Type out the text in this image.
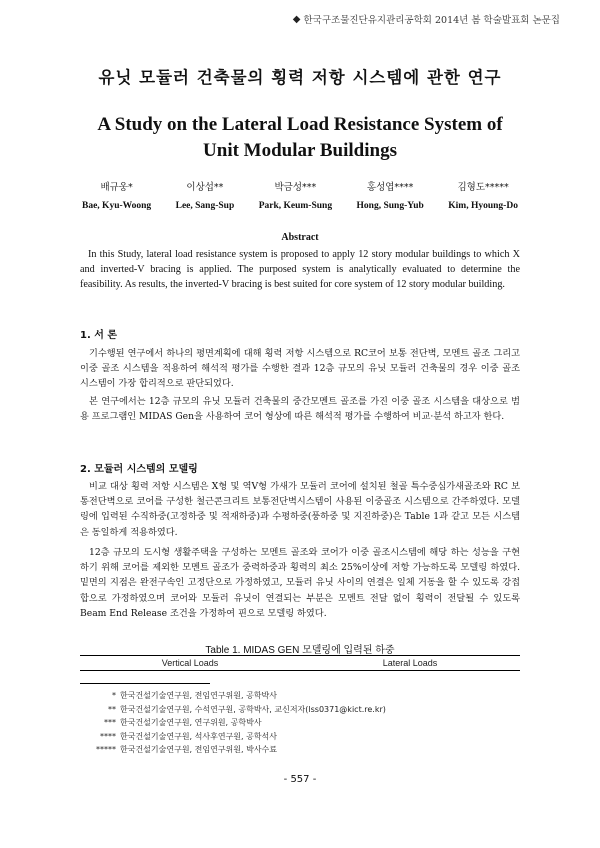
◆ 한국구조물진단유지관리공학회 2014년 봄 학술발표회 논문집
유닛 모듈러 건축물의 횡력 저항 시스템에 관한 연구
A Study on the Lateral Load Resistance System of
Unit Modular Buildings
배규웅*
Bae, Kyu-Woong
이상섭**
Lee, Sang-Sup
박금성***
Park, Keum-Sung
홍성엽****
Hong, Sung-Yub
김형도*****
Kim, Hyoung-Do
Abstract
In this Study, lateral load resistance system is proposed to apply 12 story modular buildings to which X and inverted-V bracing is applied. The purposed system is analytically evaluated to determine the feasibility. As results, the inverted-V bracing is best suited for core system of 12 story modular building.
1. 서 론
기수행된 연구에서 하나의 평면계획에 대해 횡력 저항 시스템으로 RC코어 보통 전단벽, 모멘트 골조 그리고 이중 골조 시스템을 적용하여 해석적 평가를 수행한 결과 12층 규모의 유닛 모듈러 건축물의 경우 이중 골조 시스템이 가장 합리적으로 판단되었다.
본 연구에서는 12층 규모의 유닛 모듈러 건축물의 중간모멘트 골조를 가진 이중 골조 시스템을 대상으로 범용 프로그램인 MIDAS Gen을 사용하여 코어 형상에 따른 해석적 평가를 수행하여 비교·분석 하고자 한다.
2. 모듈러 시스템의 모델링
비교 대상 횡력 저항 시스템은 X형 및 역V형 가새가 모듈러 코어에 설치된 철골 특수중심가새골조와 RC 보통전단벽으로 코어를 구성한 철근콘크리트 보통전단벽시스템이 사용된 이중골조 시스템으로 간주하였다. 모델링에 입력된 수직하중(고정하중 및 적재하중)과 수평하중(풍하중 및 지진하중)은 Table 1과 같고 모든 시스템은 동일하게 적용하였다.
12층 규모의 도시형 생활주택을 구성하는 모멘트 골조와 코어가 이중 골조시스템에 해당 하는 성능을 구현하기 위해 코어를 제외한 모멘트 골조가 중력하중과 횡력의 최소 25%이상에 저항 가능하도록 모델링 하였다. 밑면의 지점은 완전구속인 고정단으로 가정하였고, 모듈러 유닛 사이의 연결은 일체 거동을 할 수 있도록 강접합으로 가정하였으며 코어와 모듈러 유닛이 연결되는 부분은 모멘트 전달 없이 횡력이 전달될 수 있도록 Beam End Release 조건을 가정하여 핀으로 모델링 하였다.
Table 1. MIDAS GEN 모델링에 입력된 하중
Vertical Loads	Lateral Loads
* 한국건설기술연구원, 전임연구위원, 공학박사
** 한국건설기술연구원, 수석연구원, 공학박사, 교신저자(lss0371@kict.re.kr)
*** 한국건설기술연구원, 연구위원, 공학박사
**** 한국건설기술연구원, 석사후연구원, 공학석사
***** 한국건설기술연구원, 전임연구위원, 박사수료
- 557 -
